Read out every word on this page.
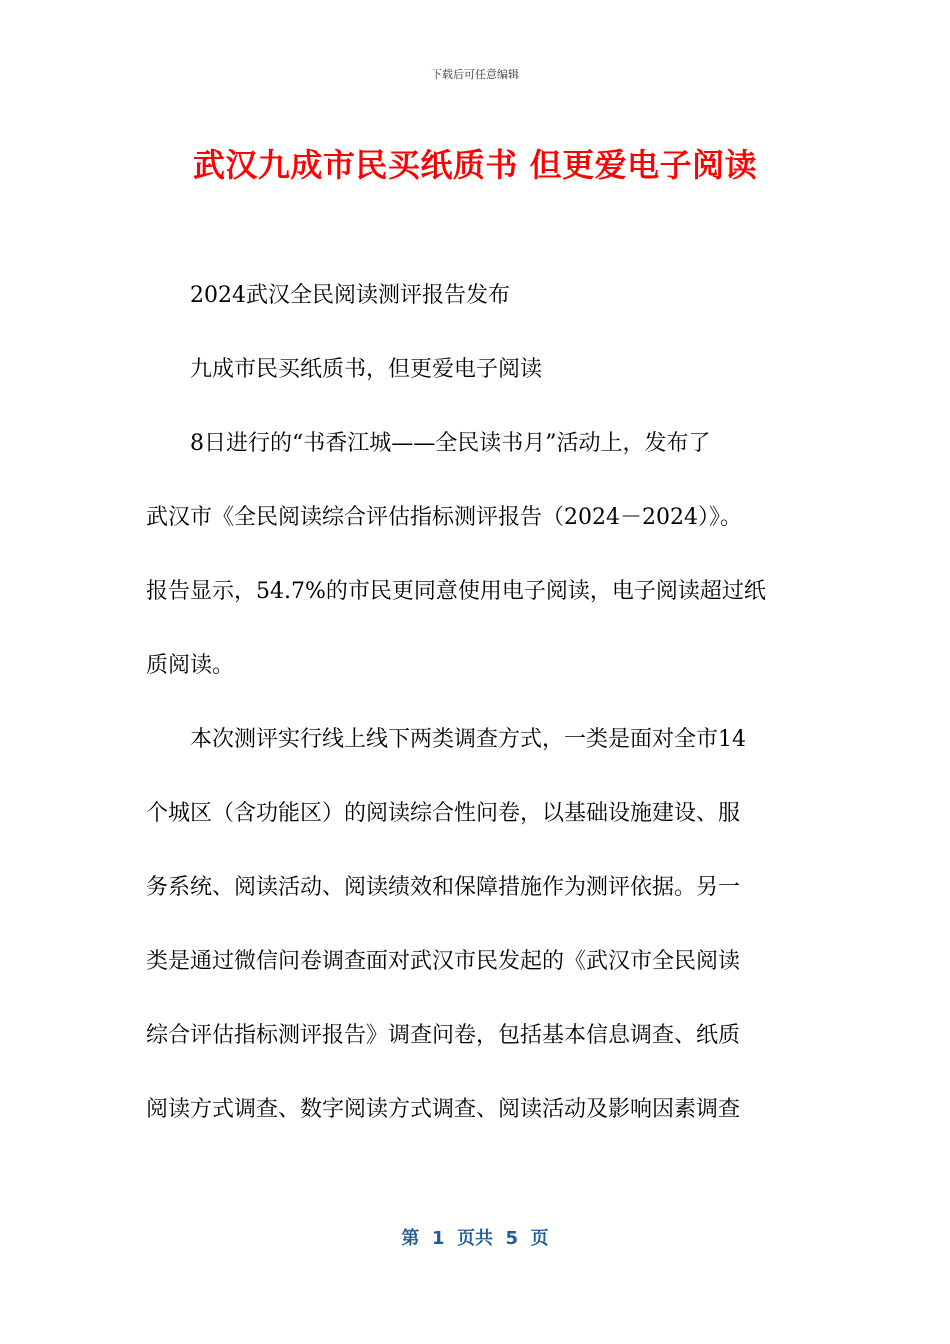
下载后可任意编辑
武汉九成市民买纸质书 但更爱电子阅读

2024武汉全民阅读测评报告发布

九成市民买纸质书，但更爱电子阅读

8日进行的“书香江城——全民读书月”活动上，发布了

武汉市《全民阅读综合评估指标测评报告（2024－2024）》。

报告显示，54.7%的市民更同意使用电子阅读，电子阅读超过纸

质阅读。

本次测评实行线上线下两类调查方式，一类是面对全市14

个城区（含功能区）的阅读综合性问卷，以基础设施建设、服

务系统、阅读活动、阅读绩效和保障措施作为测评依据。另一

类是通过微信问卷调查面对武汉市民发起的《武汉市全民阅读

综合评估指标测评报告》调查问卷，包括基本信息调查、纸质

阅读方式调查、数字阅读方式调查、阅读活动及影响因素调查

第  1  页共  5  页
